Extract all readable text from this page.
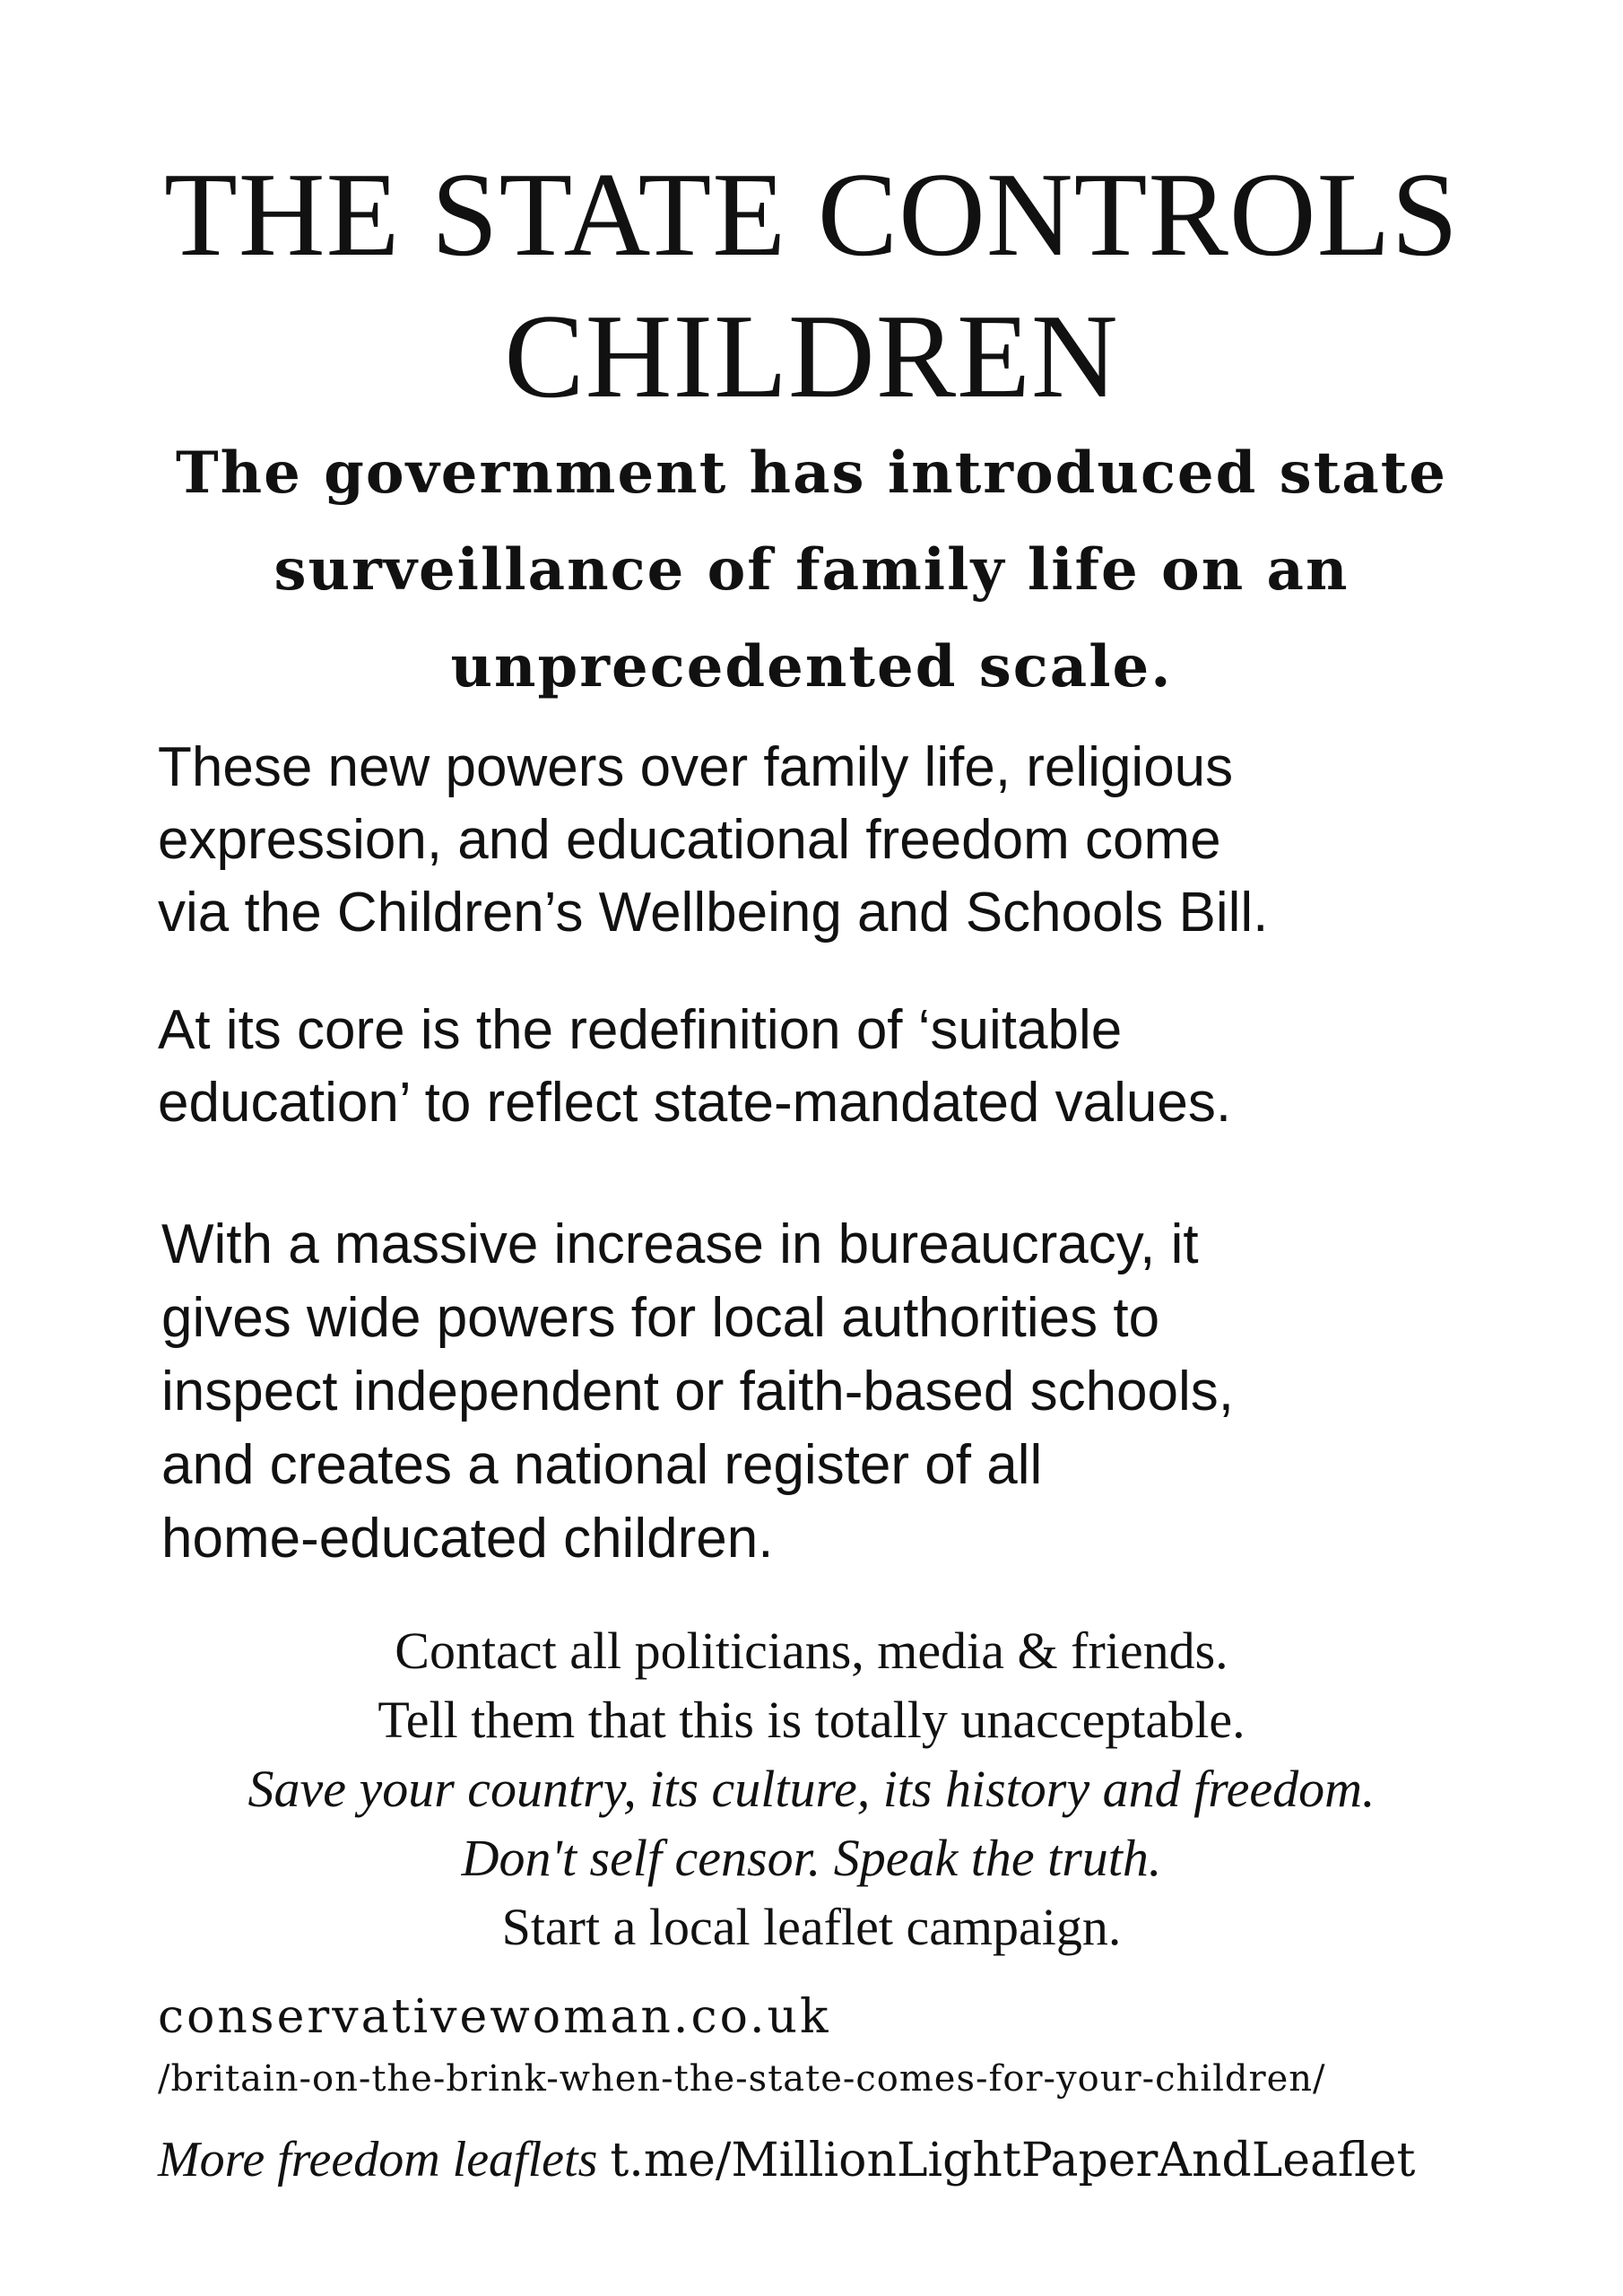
THE STATE CONTROLS
CHILDREN
The government has introduced state
surveillance of family life on an
unprecedented scale.

These new powers over family life, religious
expression, and educational freedom come
via the Children’s Wellbeing and Schools Bill.

At its core is the redefinition of ‘suitable
education’ to reflect state-mandated values.

With a massive increase in bureaucracy, it
gives wide powers for local authorities to
inspect independent or faith-based schools,
and creates a national register of all
home-educated children.

Contact all politicians, media & friends.
Tell them that this is totally unacceptable.
Save your country, its culture, its history and freedom.
Don't self censor. Speak the truth.
Start a local leaflet campaign.
conservativewoman.co.uk
/britain-on-the-brink-when-the-state-comes-for-your-children/
More freedom leaflets t.me/MillionLightPaperAndLeaflet
